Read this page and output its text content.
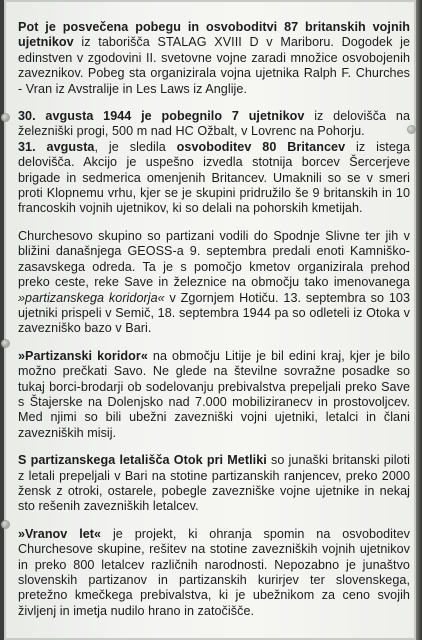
Pot je posvečena pobegu in osvoboditvi 87 britanskih vojnih ujetnikov iz taborišča STALAG XVIII D v Mariboru. Dogodek je edinstven v zgodovini II. svetovne vojne zaradi množice osvobojenih zaveznikov. Pobeg sta organizirala vojna ujetnika Ralph F. Churches - Vran iz Avstralije in Les Laws iz Anglije.

30. avgusta 1944 je pobegnilo 7 ujetnikov iz delovišča na železniški progi, 500 m nad HC Ožbalt, v Lovrenc na Pohorju.

31. avgusta, je sledila osvoboditev 80 Britancev iz istega delovišča. Akcijo je uspešno izvedla stotnija borcev Šercerjeve brigade in sedmerica omenjenih Britancev. Umaknili so se v smeri proti Klopnemu vrhu, kjer se je skupini pridružilo še 9 britanskih in 10 francoskih vojnih ujetnikov, ki so delali na pohorskih kmetijah.

Churchesovo skupino so partizani vodili do Spodnje Slivne ter jih v bližini današnjega GEOSS-a 9. septembra predali enoti Kamniško-zasavskega odreda. Ta je s pomočjo kmetov organizirala prehod preko ceste, reke Save in železnice na območju tako imenovanega »partizanskega koridorja« v Zgornjem Hotiču. 13. septembra so 103 ujetniki prispeli v Semič, 18. septembra 1944 pa so odleteli iz Otoka v zavezniško bazo v Bari.

»Partizanski koridor« na območju Litije je bil edini kraj, kjer je bilo možno prečkati Savo. Ne glede na številne sovražne posadke so tukaj borci-brodarji ob sodelovanju prebivalstva prepeljali preko Save s Štajerske na Dolenjsko nad 7.000 mobiliziranecv in prostovoljcev. Med njimi so bili ubežni zavezniški vojni ujetniki, letalci in člani zavezniških misij.

S partizanskega letališča Otok pri Metliki so junaški britanski piloti z letali prepeljali v Bari na stotine partizanskih ranjencev, preko 2000 žensk z otroki, ostarele, pobegle zavezniške vojne ujetnike in nekaj sto rešenih zavezniških letalcev.

»Vranov let« je projekt, ki ohranja spomin na osvoboditev Churchesove skupine, rešitev na stotine zavezniških vojnih ujetnikov in preko 800 letalcev različnih narodnosti. Nepozabno je junaštvo slovenskih partizanov in partizanskih kurirjev ter slovenskega, pretežno kmečkega prebivalstva, ki je ubežnikom za ceno svojih življenj in imetja nudilo hrano in zatočišče.
